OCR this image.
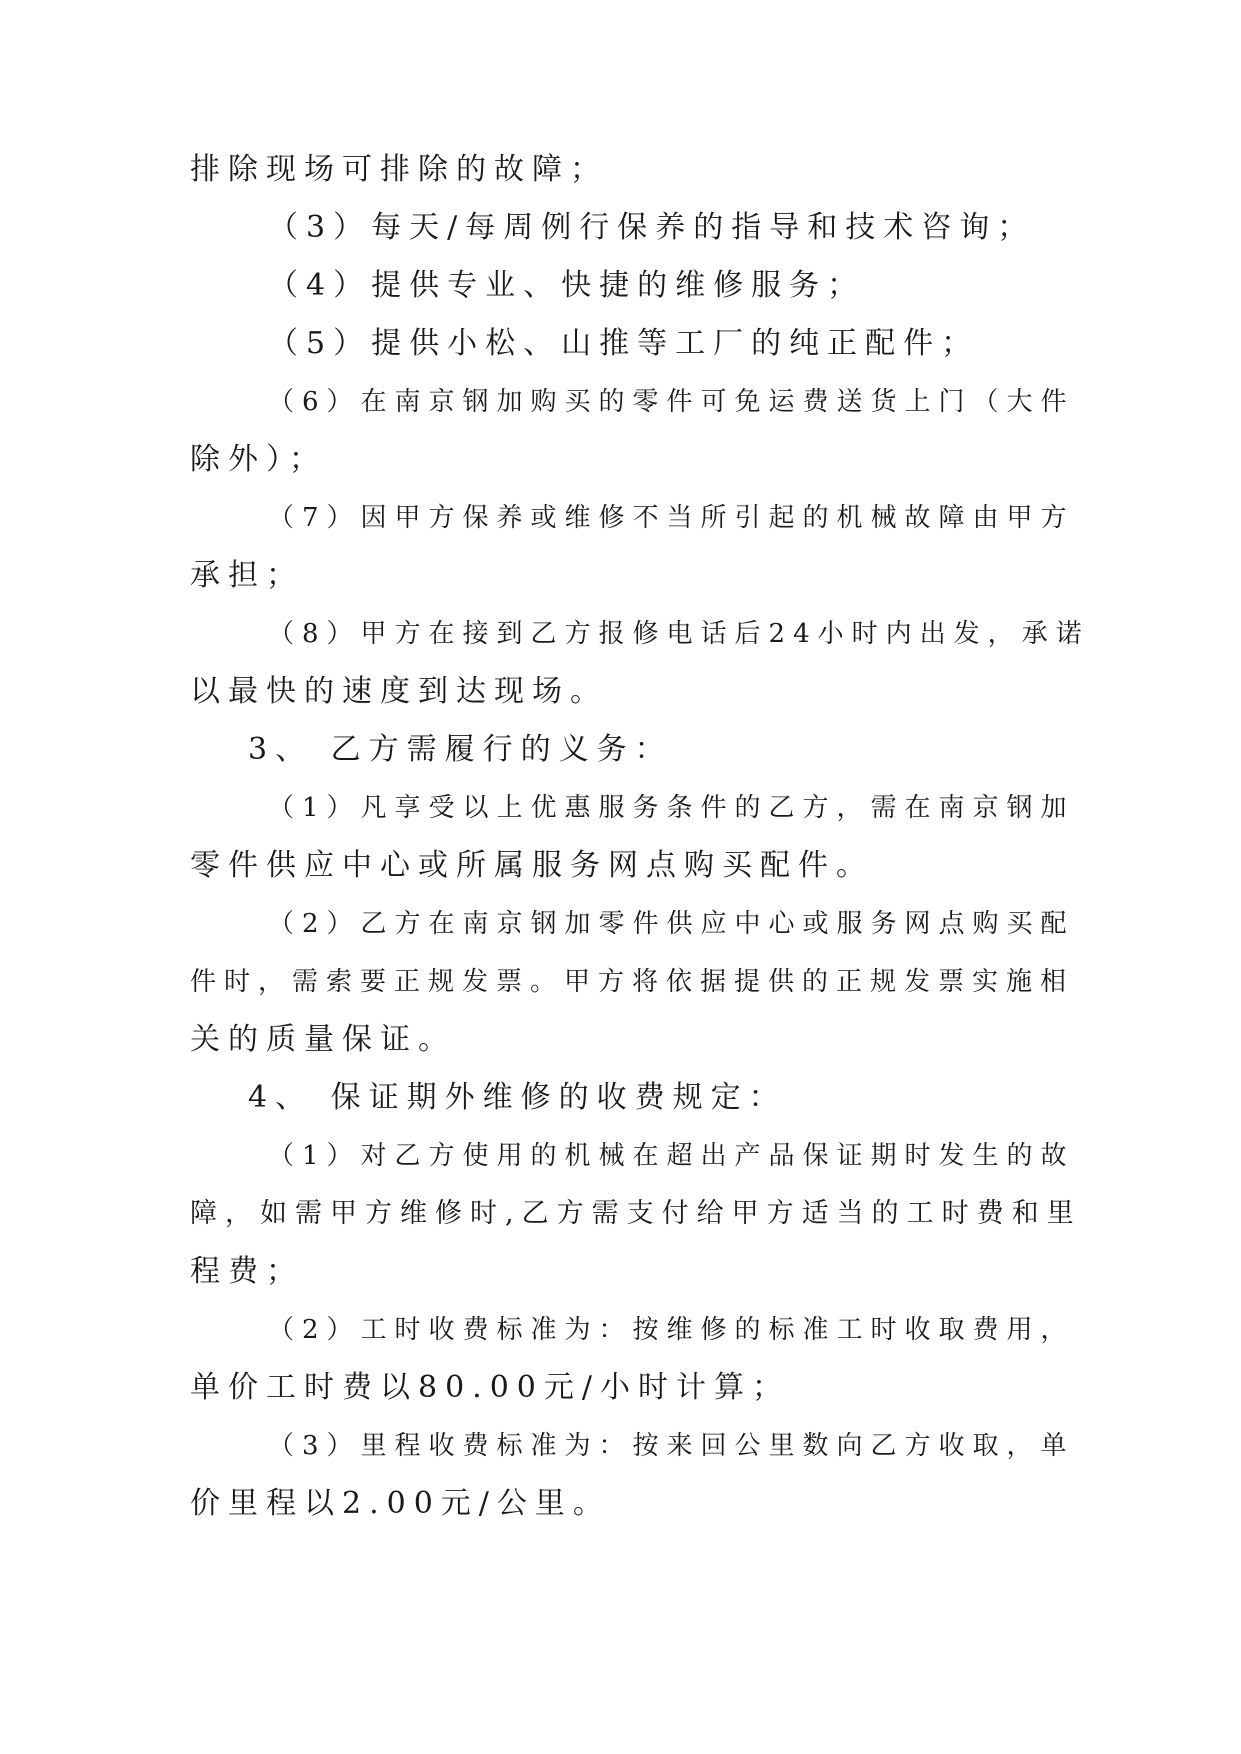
排除现场可排除的故障；
（3）每天/每周例行保养的指导和技术咨询；
（4）提供专业、快捷的维修服务；
（5）提供小松、山推等工厂的纯正配件；
（6）在南京钢加购买的零件可免运费送货上门（大件
除外）；
（7）因甲方保养或维修不当所引起的机械故障由甲方
承担；
（8）甲方在接到乙方报修电话后24小时内出发，承诺
以最快的速度到达现场。
3、 乙方需履行的义务：
（1）凡享受以上优惠服务条件的乙方，需在南京钢加
零件供应中心或所属服务网点购买配件。
（2）乙方在南京钢加零件供应中心或服务网点购买配
件时，需索要正规发票。甲方将依据提供的正规发票实施相
关的质量保证。
4、 保证期外维修的收费规定：
（1）对乙方使用的机械在超出产品保证期时发生的故
障，如需甲方维修时,乙方需支付给甲方适当的工时费和里
程费；
（2）工时收费标准为：按维修的标准工时收取费用，
单价工时费以80.00元/小时计算；
（3）里程收费标准为：按来回公里数向乙方收取，单
价里程以2.00元/公里。
